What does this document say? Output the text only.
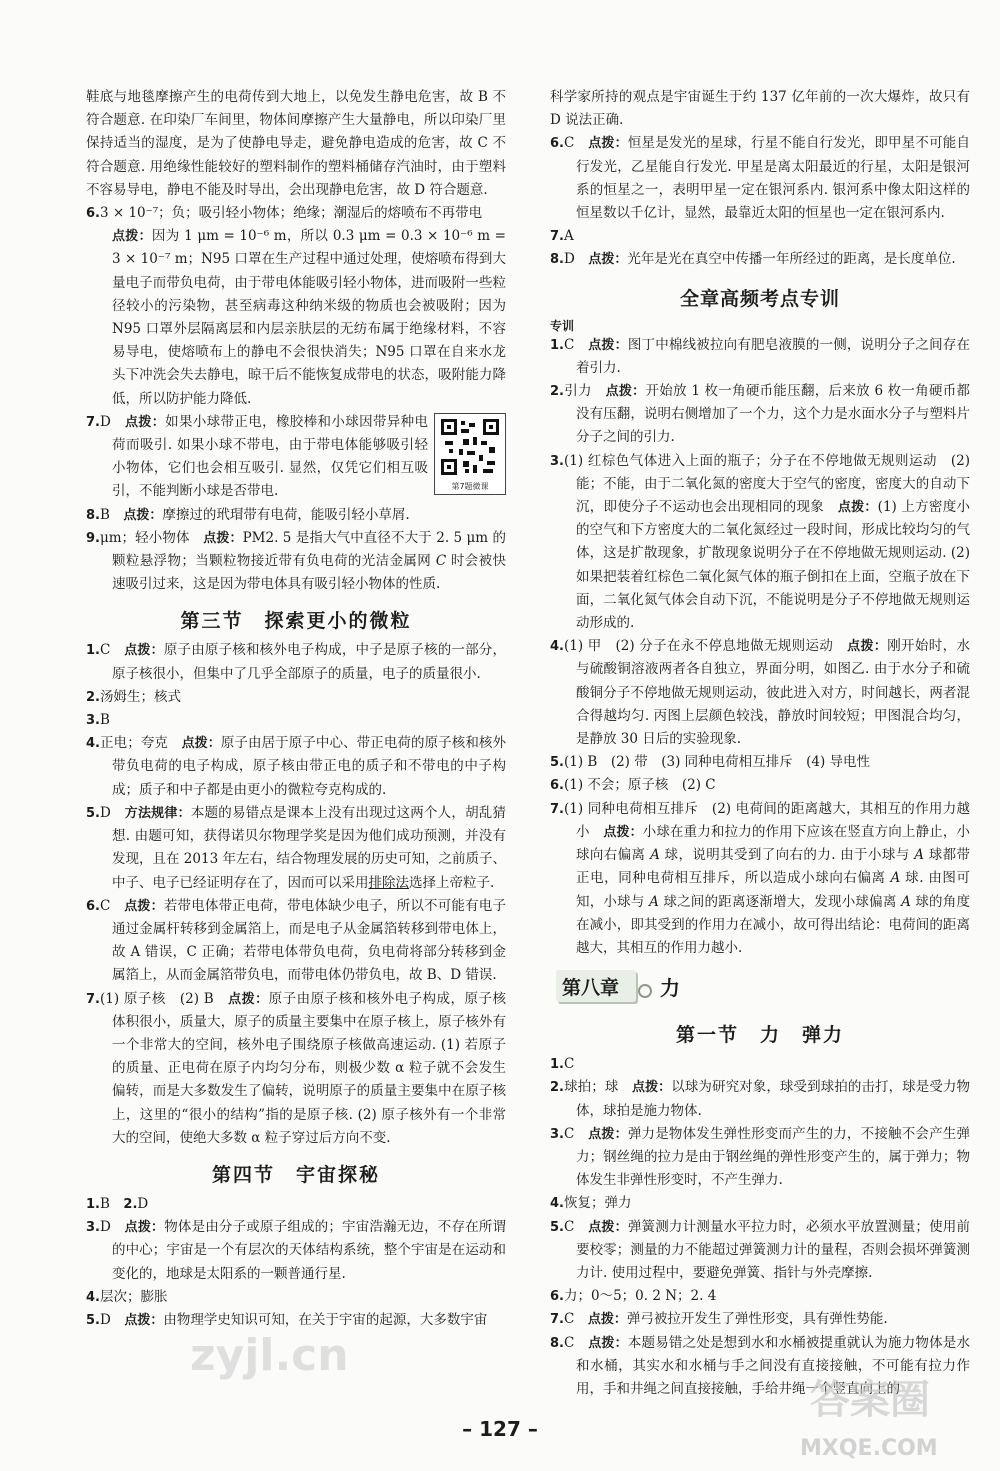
鞋底与地毯摩擦产生的电荷传到大地上，以免发生静电危害，故 B 不符合题意. 在印染厂车间里，物体间摩擦产生大量静电，所以印染厂里保持适当的湿度，是为了使静电导走，避免静电造成的危害，故 C 不符合题意. 用绝缘性能较好的塑料制作的塑料桶储存汽油时，由于塑料不容易导电，静电不能及时导出，会出现静电危害，故 D 符合题意.

6.3 × 10⁻⁷；负；吸引轻小物体；绝缘；潮湿后的熔喷布不再带电
点拨：因为 1 μm = 10⁻⁶ m，所以 0.3 μm = 0.3 × 10⁻⁶ m = 3 × 10⁻⁷ m；N95 口罩在生产过程中通过处理，使熔喷布得到大量电子而带负电荷，由于带电体能吸引轻小物体，进而吸附一些粒径较小的污染物，甚至病毒这种纳米级的物质也会被吸附；因为 N95 口罩外层隔离层和内层亲肤层的无纺布属于绝缘材料，不容易导电，使熔喷布上的静电不会很快消失；N95 口罩在自来水龙头下冲洗会失去静电，晾干后不能恢复成带电的状态，吸附能力降低，所以防护能力降低.

第7题微课

7.D　 点拨：如果小球带正电，橡胶棒和小球因带异种电荷而吸引. 如果小球不带电，由于带电体能够吸引轻小物体，它们也会相互吸引. 显然，仅凭它们相互吸引，不能判断小球是否带电.

8.B　 点拨：摩擦过的玳瑁带有电荷，能吸引轻小草屑.

9.μm；轻小物体　 点拨：PM2. 5 是指大气中直径不大于 2. 5 μm 的颗粒悬浮物；当颗粒物接近带有负电荷的光洁金属网 C 时会被快速吸引过来，这是因为带电体具有吸引轻小物体的性质.

第三节　探索更小的微粒

1.C　 点拨：原子由原子核和核外电子构成，中子是原子核的一部分，原子核很小，但集中了几乎全部原子的质量，电子的质量很小.

2.汤姆生；核式

3.B

4.正电；夸克　 点拨：原子由居于原子中心、带正电荷的原子核和核外带负电荷的电子构成，原子核由带正电的质子和不带电的中子构成；质子和中子都是由更小的微粒夸克构成的.

5.D　 方法规律：本题的易错点是课本上没有出现过这两个人，胡乱猜想. 由题可知，获得诺贝尔物理学奖是因为他们成功预测，并没有发现，且在 2013 年左右，结合物理发展的历史可知，之前质子、中子、电子已经证明存在了，因而可以采用排除法选择上帝粒子.

6.C　 点拨：若带电体带正电荷，带电体缺少电子，所以不可能有电子通过金属杆转移到金属箔上，而是电子从金属箔转移到带电体上，故 A 错误，C 正确；若带电体带负电荷，负电荷将部分转移到金属箔上，从而金属箔带负电，而带电体仍带负电，故 B、D 错误.

7.(1) 原子核　(2) B　 点拨：原子由原子核和核外电子构成，原子核体积很小，质量大，原子的质量主要集中在原子核上，原子核外有一个非常大的空间，核外电子围绕原子核做高速运动. (1) 若原子的质量、正电荷在原子内均匀分布，则极少数 α 粒子就不会发生偏转，而是大多数发生了偏转，说明原子的质量主要集中在原子核上，这里的“很小的结构”指的是原子核. (2) 原子核外有一个非常大的空间，使绝大多数 α 粒子穿过后方向不变.

第四节　宇宙探秘

1.B　 2.D

3.D　 点拨：物体是由分子或原子组成的；宇宙浩瀚无边，不存在所谓的中心；宇宙是一个有层次的天体结构系统，整个宇宙是在运动和变化的，地球是太阳系的一颗普通行星.

4.层次；膨胀

5.D　 点拨：由物理学史知识可知，在关于宇宙的起源，大多数宇宙

科学家所持的观点是宇宙诞生于约 137 亿年前的一次大爆炸，故只有 D 说法正确.

6.C　 点拨：恒星是发光的星球，行星不能自行发光，即甲星不可能自行发光，乙星能自行发光. 甲星是离太阳最近的行星，太阳是银河系的恒星之一，表明甲星一定在银河系内. 银河系中像太阳这样的恒星数以千亿计，显然，最靠近太阳的恒星也一定在银河系内.

7.A

8.D　 点拨：光年是光在真空中传播一年所经过的距离，是长度单位.

全章高频考点专训
专训

1.C　 点拨：图丁中棉线被拉向有肥皂液膜的一侧，说明分子之间存在着引力.

2.引力　 点拨：开始放 1 枚一角硬币能压翻，后来放 6 枚一角硬币都没有压翻，说明右侧增加了一个力，这个力是水面水分子与塑料片分子之间的引力.

3.(1) 红棕色气体进入上面的瓶子；分子在不停地做无规则运动　(2) 能；不能，由于二氧化氮的密度大于空气的密度，密度大的自动下沉，即使分子不运动也会出现相同的现象　 点拨：(1) 上方密度小的空气和下方密度大的二氧化氮经过一段时间，形成比较均匀的气体，这是扩散现象，扩散现象说明分子在不停地做无规则运动. (2) 如果把装着红棕色二氧化氮气体的瓶子倒扣在上面，空瓶子放在下面，二氧化氮气体会自动下沉，不能说明是分子不停地做无规则运动形成的.

4.(1) 甲　(2) 分子在永不停息地做无规则运动　 点拨：刚开始时，水与硫酸铜溶液两者各自独立，界面分明，如图乙. 由于水分子和硫酸铜分子不停地做无规则运动，彼此进入对方，时间越长，两者混合得越均匀. 丙图上层颜色较浅，静放时间较短；甲图混合均匀，是静放 30 日后的实验现象.

5.(1) B　(2) 带　(3) 同种电荷相互排斥　(4) 导电性

6.(1) 不会；原子核　(2) C

7.(1) 同种电荷相互排斥　(2) 电荷间的距离越大，其相互的作用力越小　 点拨：小球在重力和拉力的作用下应该在竖直方向上静止，小球向右偏离 A 球，说明其受到了向右的力. 由于小球与 A 球都带正电，同种电荷相互排斥，所以造成小球向右偏离 A 球. 由图可知，小球与 A 球之间的距离逐渐增大，发现小球偏离 A 球的角度在减小，即其受到的作用力在减小，故可得出结论：电荷间的距离越大，其相互的作用力越小.

第八章 力
第一节　力　弹力

1.C

2.球拍；球　 点拨：以球为研究对象，球受到球拍的击打，球是受力物体，球拍是施力物体.

3.C　 点拨：弹力是物体发生弹性形变而产生的力，不接触不会产生弹力；钢丝绳的拉力是由于钢丝绳的弹性形变产生的，属于弹力；物体发生非弹性形变时，不产生弹力.

4.恢复；弹力

5.C　 点拨：弹簧测力计测量水平拉力时，必须水平放置测量；使用前要校零；测量的力不能超过弹簧测力计的量程，否则会损坏弹簧测力计. 使用过程中，要避免弹簧、指针与外壳摩擦.

6.力；0～5；0. 2 N；2. 4

7.C　 点拨：弹弓被拉开发生了弹性形变，具有弹性势能.

8.C　 点拨：本题易错之处是想到水和水桶被提重就认为施力物体是水和水桶，其实水和水桶与手之间没有直接接触，不可能有拉力作用，手和井绳之间直接接触，手给井绳一个竖直向上的

zyjl.cn
答案圈
MXQE.COM
– 127 –
